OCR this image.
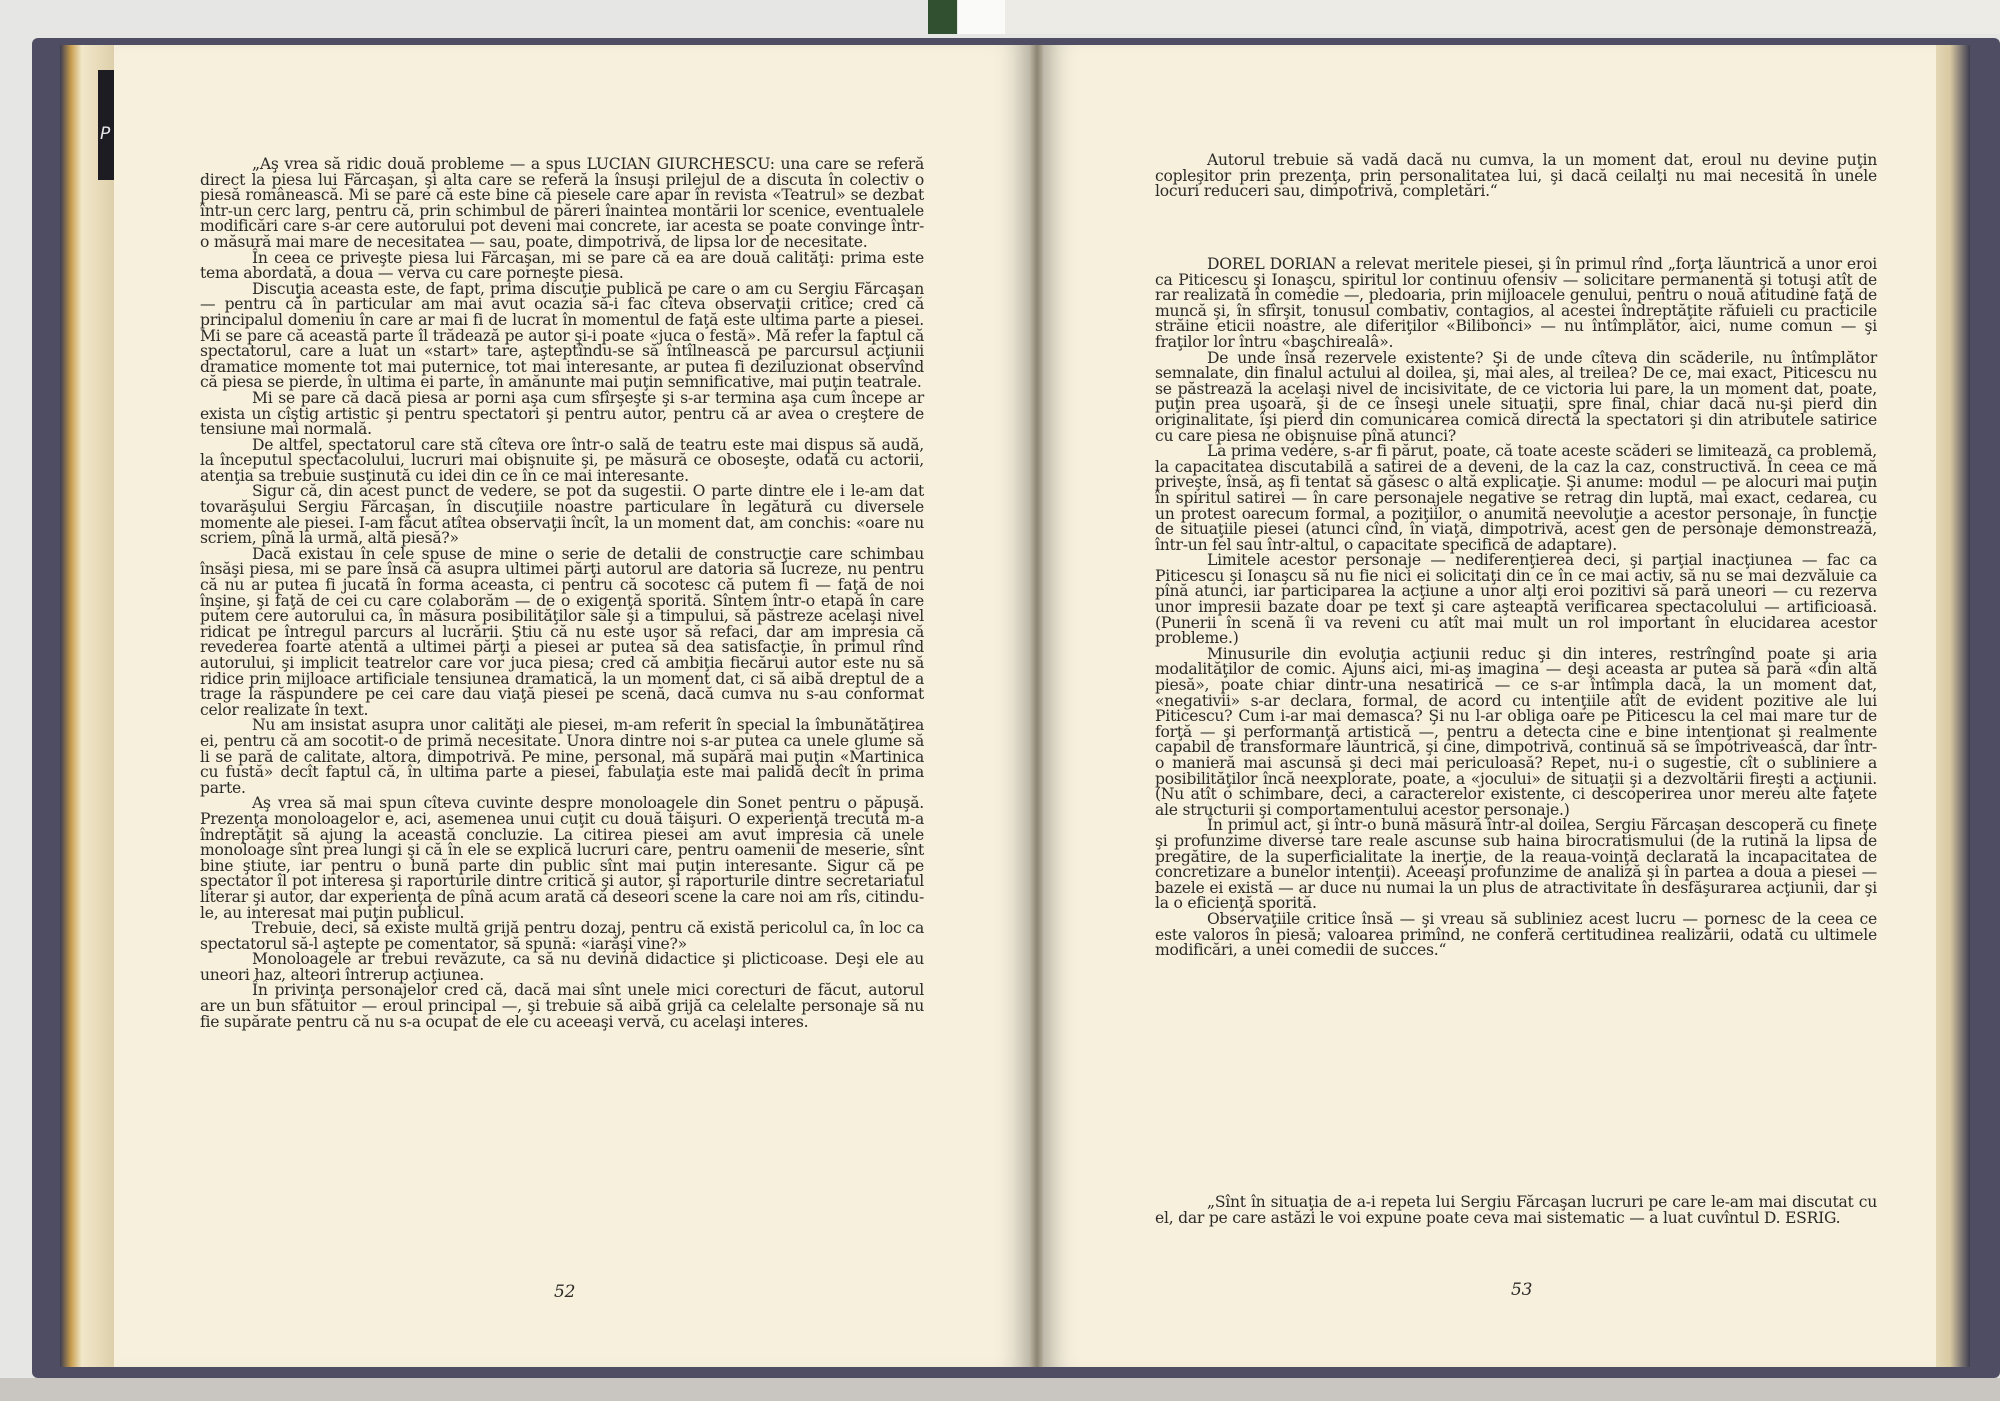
P

„Aş vrea să ridic două probleme — a spus LUCIAN GIURCHESCU: una care se referă direct la piesa lui Fărcaşan, şi alta care se referă la însuşi prilejul de a discuta în colectiv o piesă românească. Mi se pare că este bine că piesele care apar în revista «Teatrul» se dezbat într-un cerc larg, pentru că, prin schimbul de păreri înaintea montării lor scenice, eventualele modificări care s-ar cere autorului pot deveni mai concrete, iar acesta se poate convinge într-o măsură mai mare de necesitatea — sau, poate, dimpotrivă, de lipsa lor de necesitate.

În ceea ce priveşte piesa lui Fărcaşan, mi se pare că ea are două calităţi: prima este tema abordată, a doua — verva cu care porneşte piesa.

Discuţia aceasta este, de fapt, prima discuţie publică pe care o am cu Sergiu Fărcaşan — pentru că în particular am mai avut ocazia să-i fac cîteva observaţii critice; cred că principalul domeniu în care ar mai fi de lucrat în momentul de faţă este ultima parte a piesei. Mi se pare că această parte îl trădează pe autor şi-i poate «juca o festă». Mă refer la faptul că spectatorul, care a luat un «start» tare, aşteptîndu-se să întîlnească pe parcursul acţiunii dramatice momente tot mai puternice, tot mai interesante, ar putea fi deziluzionat observînd că piesa se pierde, în ultima ei parte, în amănunte mai puţin semnificative, mai puţin teatrale.

Mi se pare că dacă piesa ar porni aşa cum sfîrşeşte şi s-ar termina aşa cum începe ar exista un cîştig artistic şi pentru spectatori şi pentru autor, pentru că ar avea o creştere de tensiune mai normală.

De altfel, spectatorul care stă cîteva ore într-o sală de teatru este mai dispus să audă, la începutul spectacolului, lucruri mai obişnuite şi, pe măsură ce oboseşte, odată cu actorii, atenţia sa trebuie susţinută cu idei din ce în ce mai interesante.

Sigur că, din acest punct de vedere, se pot da sugestii. O parte dintre ele i le-am dat tovarăşului Sergiu Fărcaşan, în discuţiile noastre particulare în legătură cu diversele momente ale piesei. I-am făcut atîtea observaţii încît, la un moment dat, am conchis: «oare nu scriem, pînă la urmă, altă piesă?»

Dacă existau în cele spuse de mine o serie de detalii de construcţie care schimbau însăşi piesa, mi se pare însă că asupra ultimei părţi autorul are datoria să lucreze, nu pentru că nu ar putea fi jucată în forma aceasta, ci pentru că socotesc că putem fi — faţă de noi înşine, şi faţă de cei cu care colaborăm — de o exigenţă sporită. Sîntem într-o etapă în care putem cere autorului ca, în măsura posibilităţilor sale şi a timpului, să păstreze acelaşi nivel ridicat pe întregul parcurs al lucrării. Ştiu că nu este uşor să refaci, dar am impresia că revederea foarte atentă a ultimei părţi a piesei ar putea să dea satisfacţie, în primul rînd autorului, şi implicit teatrelor care vor juca piesa; cred că ambiţia fiecărui autor este nu să ridice prin mijloace artificiale tensiunea dramatică, la un moment dat, ci să aibă dreptul de a trage la răspundere pe cei care dau viaţă piesei pe scenă, dacă cumva nu s-au conformat celor realizate în text.

Nu am insistat asupra unor calităţi ale piesei, m-am referit în special la îmbunătăţirea ei, pentru că am socotit-o de primă necesitate. Unora dintre noi s-ar putea ca unele glume să li se pară de calitate, altora, dimpotrivă. Pe mine, personal, mă supără mai puţin «Martinica cu fustă» decît faptul că, în ultima parte a piesei, fabulaţia este mai palidă decît în prima parte.

Aş vrea să mai spun cîteva cuvinte despre monoloagele din Sonet pentru o păpuşă. Prezenţa monoloagelor e, aci, asemenea unui cuţit cu două tăişuri. O experienţă trecută m-a îndreptăţit să ajung la această concluzie. La citirea piesei am avut impresia că unele monoloage sînt prea lungi şi că în ele se explică lucruri care, pentru oamenii de meserie, sînt bine ştiute, iar pentru o bună parte din public sînt mai puţin interesante. Sigur că pe spectator îl pot interesa şi raporturile dintre critică şi autor, şi raporturile dintre secretariatul literar şi autor, dar experienţa de pînă acum arată că deseori scene la care noi am rîs, citindu-le, au interesat mai puţin publicul.

Trebuie, deci, să existe multă grijă pentru dozaj, pentru că există pericolul ca, în loc ca spectatorul să-l aştepte pe comentator, să spună: «iarăşi vine?»

Monoloagele ar trebui revăzute, ca să nu devină didactice şi plicticoase. Deşi ele au uneori haz, alteori întrerup acţiunea.

În privinţa personajelor cred că, dacă mai sînt unele mici corecturi de făcut, autorul are un bun sfătuitor — eroul principal —, şi trebuie să aibă grijă ca celelalte personaje să nu fie supărate pentru că nu s-a ocupat de ele cu aceeaşi vervă, cu acelaşi interes.

52

Autorul trebuie să vadă dacă nu cumva, la un moment dat, eroul nu devine puţin copleşitor prin prezenţa, prin personalitatea lui, şi dacă ceilalţi nu mai necesită în unele locuri reduceri sau, dimpotrivă, completări.“

DOREL DORIAN a relevat meritele piesei, şi în primul rînd „forţa lăuntrică a unor eroi ca Piticescu şi Ionaşcu, spiritul lor continuu ofensiv — solicitare permanentă şi totuşi atît de rar realizată în comedie —, pledoaria, prin mijloacele genului, pentru o nouă atitudine faţă de muncă şi, în sfîrşit, tonusul combativ, contagios, al acestei îndreptăţite răfuieli cu practicile străine eticii noastre, ale diferiţilor «Bilibonci» — nu întîmplător, aici, nume comun — şi fraţilor lor întru «başchirealâ».

De unde însă rezervele existente? Şi de unde cîteva din scăderile, nu întîmplător semnalate, din finalul actului al doilea, şi, mai ales, al treilea? De ce, mai exact, Piticescu nu se păstrează la acelaşi nivel de incisivitate, de ce victoria lui pare, la un moment dat, poate, puţin prea uşoară, şi de ce înseşi unele situaţii, spre final, chiar dacă nu-şi pierd din originalitate, îşi pierd din comunicarea comică directă la spectatori şi din atributele satirice cu care piesa ne obişnuise pînă atunci?

La prima vedere, s-ar fi părut, poate, că toate aceste scăderi se limitează, ca problemă, la capacitatea discutabilă a satirei de a deveni, de la caz la caz, constructivă. În ceea ce mă priveşte, însă, aş fi tentat să găsesc o altă explicaţie. Şi anume: modul — pe alocuri mai puţin în spiritul satirei — în care personajele negative se retrag din luptă, mai exact, cedarea, cu un protest oarecum formal, a poziţiilor, o anumită neevoluţie a acestor personaje, în funcţie de situaţiile piesei (atunci cînd, în viaţă, dimpotrivă, acest gen de personaje demonstrează, într-un fel sau într-altul, o capacitate specifică de adaptare).

Limitele acestor personaje — nediferenţierea deci, şi parţial inacţiunea — fac ca Piticescu şi Ionaşcu să nu fie nici ei solicitaţi din ce în ce mai activ, să nu se mai dezvăluie ca pînă atunci, iar participarea la acţiune a unor alţi eroi pozitivi să pară uneori — cu rezerva unor impresii bazate doar pe text şi care aşteaptă verificarea spectacolului — artificioasă. (Punerii în scenă îi va reveni cu atît mai mult un rol important în elucidarea acestor probleme.)

Minusurile din evoluţia acţiunii reduc şi din interes, restrîngînd poate şi aria modalităţilor de comic. Ajuns aici, mi-aş imagina — deşi aceasta ar putea să pară «din altă piesă», poate chiar dintr-una nesatirică — ce s-ar întîmpla dacă, la un moment dat, «negativii» s-ar declara, formal, de acord cu intenţiile atît de evident pozitive ale lui Piticescu? Cum i-ar mai demasca? Şi nu l-ar obliga oare pe Piticescu la cel mai mare tur de forţă — şi performanţă artistică —, pentru a detecta cine e bine intenţionat şi realmente capabil de transformare lăuntrică, şi cine, dimpotrivă, continuă să se împotrivească, dar într-o manieră mai ascunsă şi deci mai periculoasă? Repet, nu-i o sugestie, cît o subliniere a posibilităţilor încă neexplorate, poate, a «jocului» de situaţii şi a dezvoltării fireşti a acţiunii. (Nu atît o schimbare, deci, a caracterelor existente, ci descoperirea unor mereu alte faţete ale structurii şi comportamentului acestor personaje.)

În primul act, şi într-o bună măsură într-al doilea, Sergiu Fărcaşan descoperă cu fineţe şi profunzime diverse tare reale ascunse sub haina birocratismului (de la rutină la lipsa de pregătire, de la superficialitate la inerţie, de la reaua-voinţă declarată la incapacitatea de concretizare a bunelor intenţii). Aceeaşi profunzime de analiză şi în partea a doua a piesei — bazele ei există — ar duce nu numai la un plus de atractivitate în desfăşurarea acţiunii, dar şi la o eficienţă sporită.

Observaţiile critice însă — şi vreau să subliniez acest lucru — pornesc de la ceea ce este valoros în piesă; valoarea primînd, ne conferă certitudinea realizării, odată cu ultimele modificări, a unei comedii de succes.“

„Sînt în situaţia de a-i repeta lui Sergiu Fărcaşan lucruri pe care le-am mai discutat cu el, dar pe care astăzi le voi expune poate ceva mai sistematic — a luat cuvîntul D. ESRIG.

53
